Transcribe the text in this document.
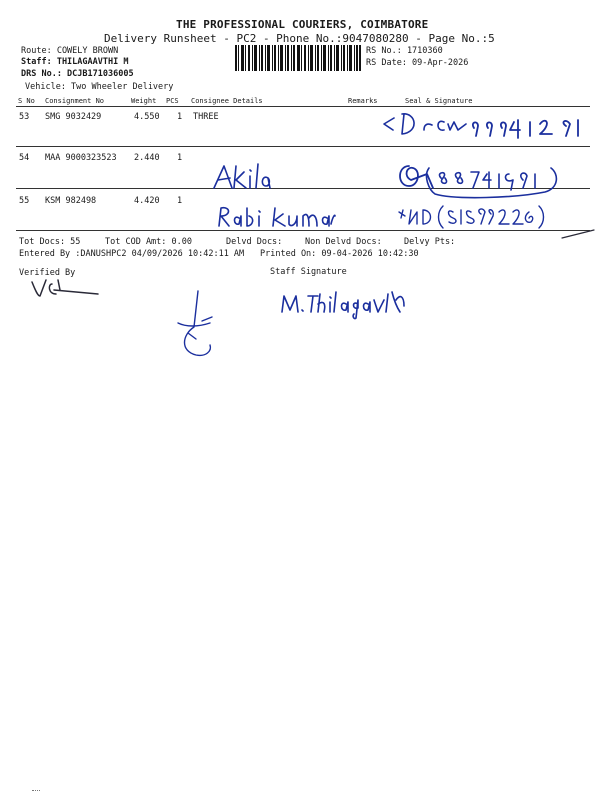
THE PROFESSIONAL COURIERS, COIMBATORE
Delivery Runsheet - PC2 - Phone No.:9047080280 - Page No.:5
Route: COWELY BROWN
Staff: THILAGAAVTHI M
DRS No.: DCJB171036005
Vehicle: Two Wheeler Delivery
RS No.: 1710360
RS Date: 09-Apr-2026
S No Consignment No	Weight PCS Consignee Details	Remarks	Seal & Signature
53 SMG 9032429	4.550 1 THREE
54 MAA 9000323523 2.440 1
55 KSM 982498	4.420 1
Tot Docs: 55	Tot COD Amt: 0.00	Delvd Docs:	Non Delvd Docs:	Delvy Pts:
Entered By :DANUSHPC2 04/09/2026 10:42:11 AM Printed On: 09-04-2026 10:42:30
Verified By	Staff Signature
